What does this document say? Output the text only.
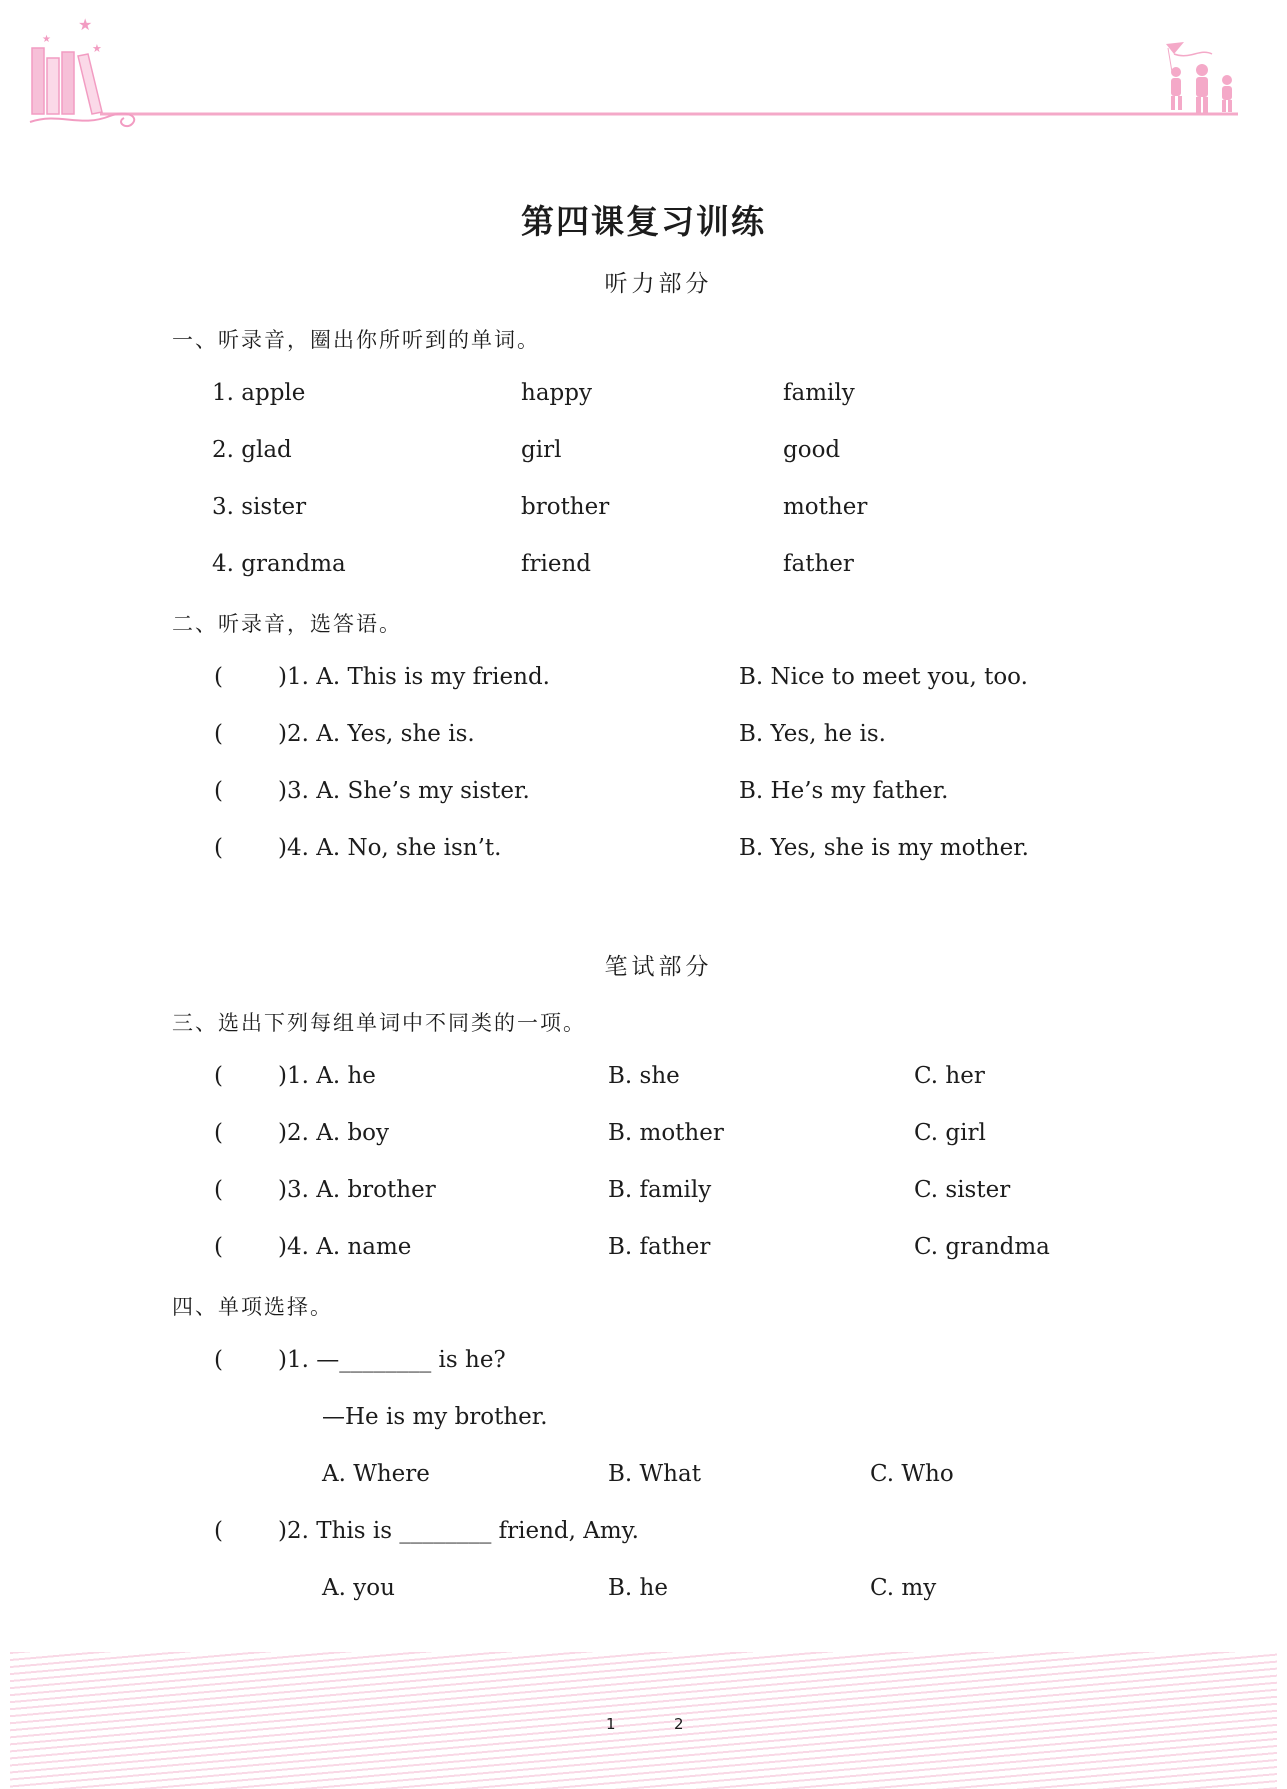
★
★
★
第四课复习训练
听力部分
一、听录音，圈出你所听到的单词。
1. apple	happy	family
2. glad	girl	good
3. sister	brother	mother
4. grandma	friend	father
二、听录音，选答语。
( )1. A. This is my friend.	B. Nice to meet you, too.
( )2. A. Yes, she is.	B. Yes, he is.
( )3. A. She’s my sister.	B. He’s my father.
( )4. A. No, she isn’t.	B. Yes, she is my mother.
笔试部分
三、选出下列每组单词中不同类的一项。
( )1. A. he	B. she	C. her
( )2. A. boy	B. mother	C. girl
( )3. A. brother	B. family	C. sister
( )4. A. name	B. father	C. grandma
四、单项选择。
( )1. —________ is he?
—He is my brother.
A. Where	B. What	C. Who
( )2. This is ________ friend, Amy.
A. you	B. he	C. my
1	2
